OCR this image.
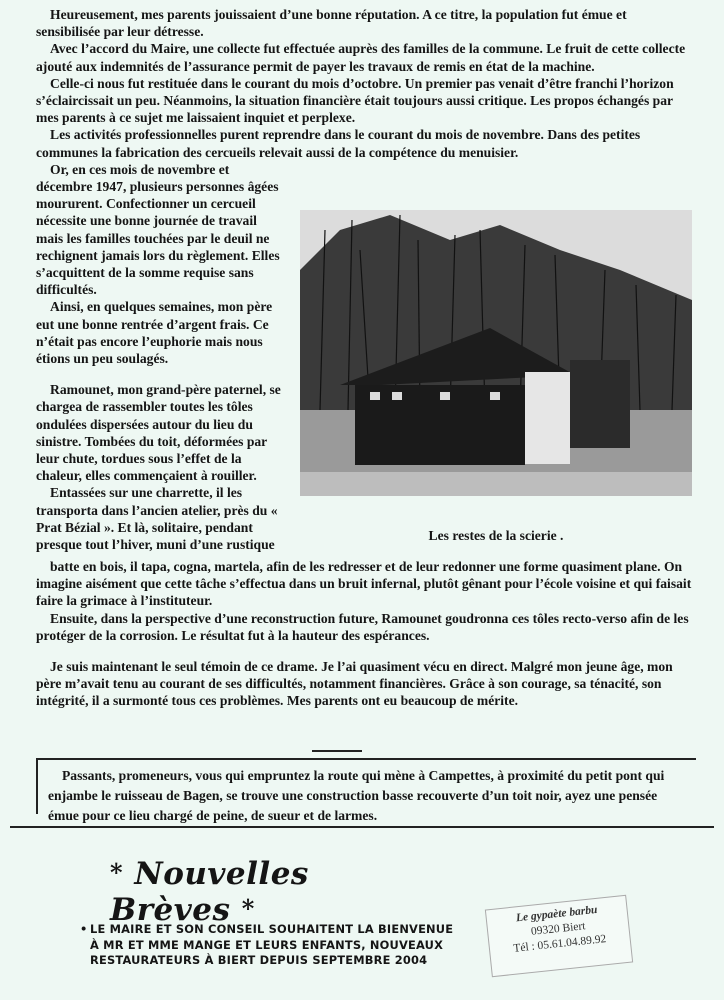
Heureusement, mes parents jouissaient d’une bonne réputation. A ce titre, la population fut émue et sensibilisée par leur détresse.

Avec l’accord du Maire, une collecte fut effectuée auprès des familles de la commune. Le fruit de cette collecte ajouté aux indemnités de l’assurance permit de payer les travaux de remis en état de la machine.

Celle-ci nous fut restituée dans le courant du mois d’octobre. Un premier pas venait d’être franchi l’horizon s’éclaircissait un peu. Néanmoins, la situation financière était toujours aussi critique. Les propos échangés par mes parents à ce sujet me laissaient inquiet et perplexe.

Les activités professionnelles purent reprendre dans le courant du mois de novembre. Dans des petites communes la fabrication des cercueils relevait aussi de la compétence du menuisier.

Or, en ces mois de novembre et décembre 1947, plusieurs personnes âgées moururent. Confectionner un cercueil nécessite une bonne journée de travail mais les familles touchées par le deuil ne rechignent jamais lors du règlement. Elles s’acquittent de la somme requise sans difficultés.

Ainsi, en quelques semaines, mon père eut une bonne rentrée d’argent frais. Ce n’était pas encore l’euphorie mais nous étions un peu soulagés.

Ramounet, mon grand-père paternel, se chargea de rassembler toutes les tôles ondulées dispersées autour du lieu du sinistre. Tombées du toit, déformées par leur chute, tordues sous l’effet de la chaleur, elles commençaient à rouiller.

Entassées sur une charrette, il les transporta dans l’ancien atelier, près du « Prat Bézial ». Et là, solitaire, pendant presque tout l’hiver, muni d’une rustique

Les restes de la scierie .

batte en bois, il tapa, cogna, martela, afin de les redresser et de leur redonner une forme quasiment plane. On imagine aisément que cette tâche s’effectua dans un bruit infernal, plutôt gênant pour l’école voisine et qui faisait faire la grimace à l’instituteur.

Ensuite, dans la perspective d’une reconstruction future, Ramounet goudronna ces tôles recto-verso afin de les protéger de la corrosion. Le résultat fut à la hauteur des espérances.

Je suis maintenant le seul témoin de ce drame. Je l’ai quasiment vécu en direct. Malgré mon jeune âge, mon père m’avait tenu au courant de ses difficultés, notamment financières. Grâce à son courage, sa ténacité, son intégrité, il a surmonté tous ces problèmes. Mes parents ont eu beaucoup de mérite.

Passants, promeneurs, vous qui empruntez la route qui mène à Campettes, à proximité du petit pont qui enjambe le ruisseau de Bagen, se trouve une construction basse recouverte d’un toit noir, ayez une pensée émue pour ce lieu chargé de peine, de sueur et de larmes.

* Nouvelles Brèves *
• LE MAIRE ET SON CONSEIL SOUHAITENT LA BIENVENUE À MR ET MME MANGE ET LEURS ENFANTS, NOUVEAUX RESTAURATEURS À BIERT DEPUIS SEPTEMBRE 2004
Le gypaète barbu
09320 Biert
Tél : 05.61.04.89.92
